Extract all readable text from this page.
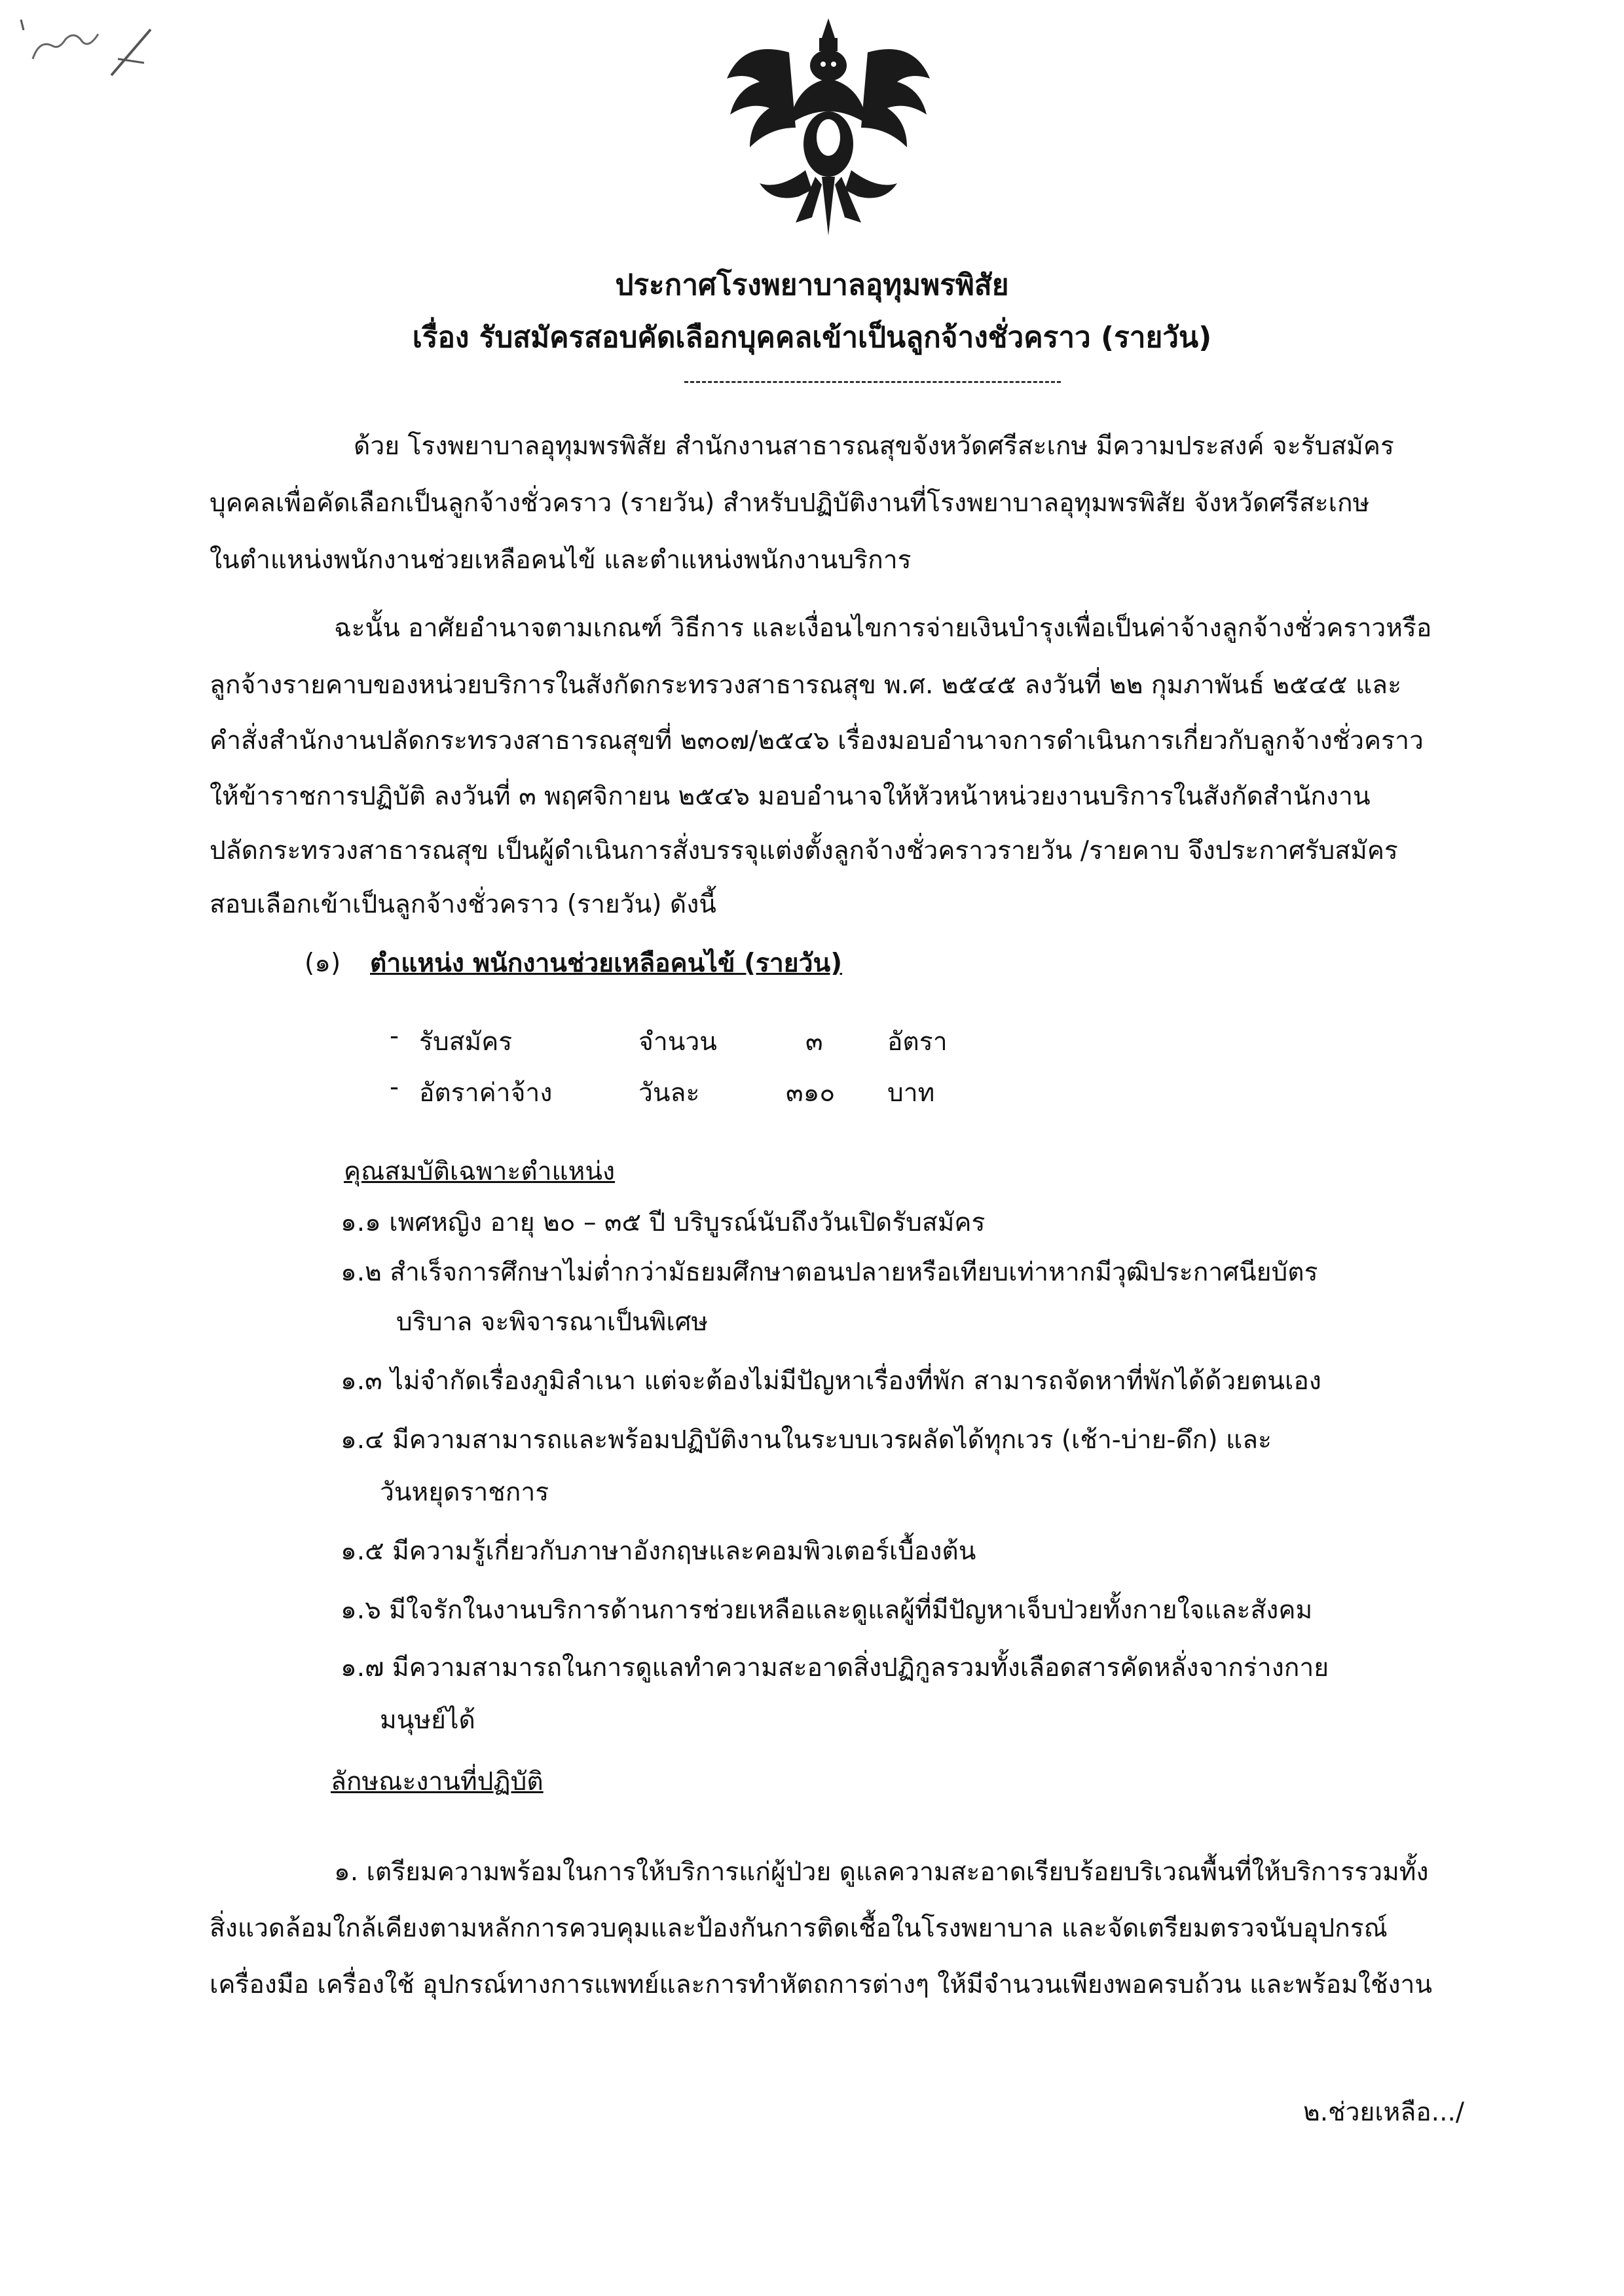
ประกาศโรงพยาบาลอุทุมพรพิสัย
เรื่อง รับสมัครสอบคัดเลือกบุคคลเข้าเป็นลูกจ้างชั่วคราว (รายวัน)
ด้วย โรงพยาบาลอุทุมพรพิสัย สำนักงานสาธารณสุขจังหวัดศรีสะเกษ มีความประสงค์ จะรับสมัคร
บุคคลเพื่อคัดเลือกเป็นลูกจ้างชั่วคราว (รายวัน) สำหรับปฏิบัติงานที่โรงพยาบาลอุทุมพรพิสัย จังหวัดศรีสะเกษ
ในตำแหน่งพนักงานช่วยเหลือคนไข้ และตำแหน่งพนักงานบริการ
ฉะนั้น อาศัยอำนาจตามเกณฑ์ วิธีการ และเงื่อนไขการจ่ายเงินบำรุงเพื่อเป็นค่าจ้างลูกจ้างชั่วคราวหรือ
ลูกจ้างรายคาบของหน่วยบริการในสังกัดกระทรวงสาธารณสุข พ.ศ. ๒๕๔๕ ลงวันที่ ๒๒ กุมภาพันธ์ ๒๕๔๕ และ
คำสั่งสำนักงานปลัดกระทรวงสาธารณสุขที่ ๒๓๐๗/๒๕๔๖ เรื่องมอบอำนาจการดำเนินการเกี่ยวกับลูกจ้างชั่วคราว
ให้ข้าราชการปฏิบัติ ลงวันที่ ๓ พฤศจิกายน ๒๕๔๖ มอบอำนาจให้หัวหน้าหน่วยงานบริการในสังกัดสำนักงาน
ปลัดกระทรวงสาธารณสุข เป็นผู้ดำเนินการสั่งบรรจุแต่งตั้งลูกจ้างชั่วคราวรายวัน /รายคาบ จึงประกาศรับสมัคร
สอบเลือกเข้าเป็นลูกจ้างชั่วคราว (รายวัน) ดังนี้
(๑) ตำแหน่ง พนักงานช่วยเหลือคนไข้ (รายวัน)
- รับสมัคร	จำนวน	๓	อัตรา
- อัตราค่าจ้าง	วันละ	๓๑๐ บาท
คุณสมบัติเฉพาะตำแหน่ง
๑.๑ เพศหญิง อายุ ๒๐ – ๓๕ ปี บริบูรณ์นับถึงวันเปิดรับสมัคร
๑.๒ สำเร็จการศึกษาไม่ต่ำกว่ามัธยมศึกษาตอนปลายหรือเทียบเท่าหากมีวุฒิประกาศนียบัตร
บริบาล จะพิจารณาเป็นพิเศษ
๑.๓ ไม่จำกัดเรื่องภูมิลำเนา แต่จะต้องไม่มีปัญหาเรื่องที่พัก สามารถจัดหาที่พักได้ด้วยตนเอง
๑.๔ มีความสามารถและพร้อมปฏิบัติงานในระบบเวรผลัดได้ทุกเวร (เช้า-บ่าย-ดึก) และ
วันหยุดราชการ
๑.๕ มีความรู้เกี่ยวกับภาษาอังกฤษและคอมพิวเตอร์เบื้องต้น
๑.๖ มีใจรักในงานบริการด้านการช่วยเหลือและดูแลผู้ที่มีปัญหาเจ็บป่วยทั้งกายใจและสังคม
๑.๗ มีความสามารถในการดูแลทำความสะอาดสิ่งปฏิกูลรวมทั้งเลือดสารคัดหลั่งจากร่างกาย
มนุษย์ได้
ลักษณะงานที่ปฏิบัติ
๑. เตรียมความพร้อมในการให้บริการแก่ผู้ป่วย ดูแลความสะอาดเรียบร้อยบริเวณพื้นที่ให้บริการรวมทั้ง
สิ่งแวดล้อมใกล้เคียงตามหลักการควบคุมและป้องกันการติดเชื้อในโรงพยาบาล และจัดเตรียมตรวจนับอุปกรณ์
เครื่องมือ เครื่องใช้ อุปกรณ์ทางการแพทย์และการทำหัตถการต่างๆ ให้มีจำนวนเพียงพอครบถ้วน และพร้อมใช้งาน
๒.ช่วยเหลือ.../
